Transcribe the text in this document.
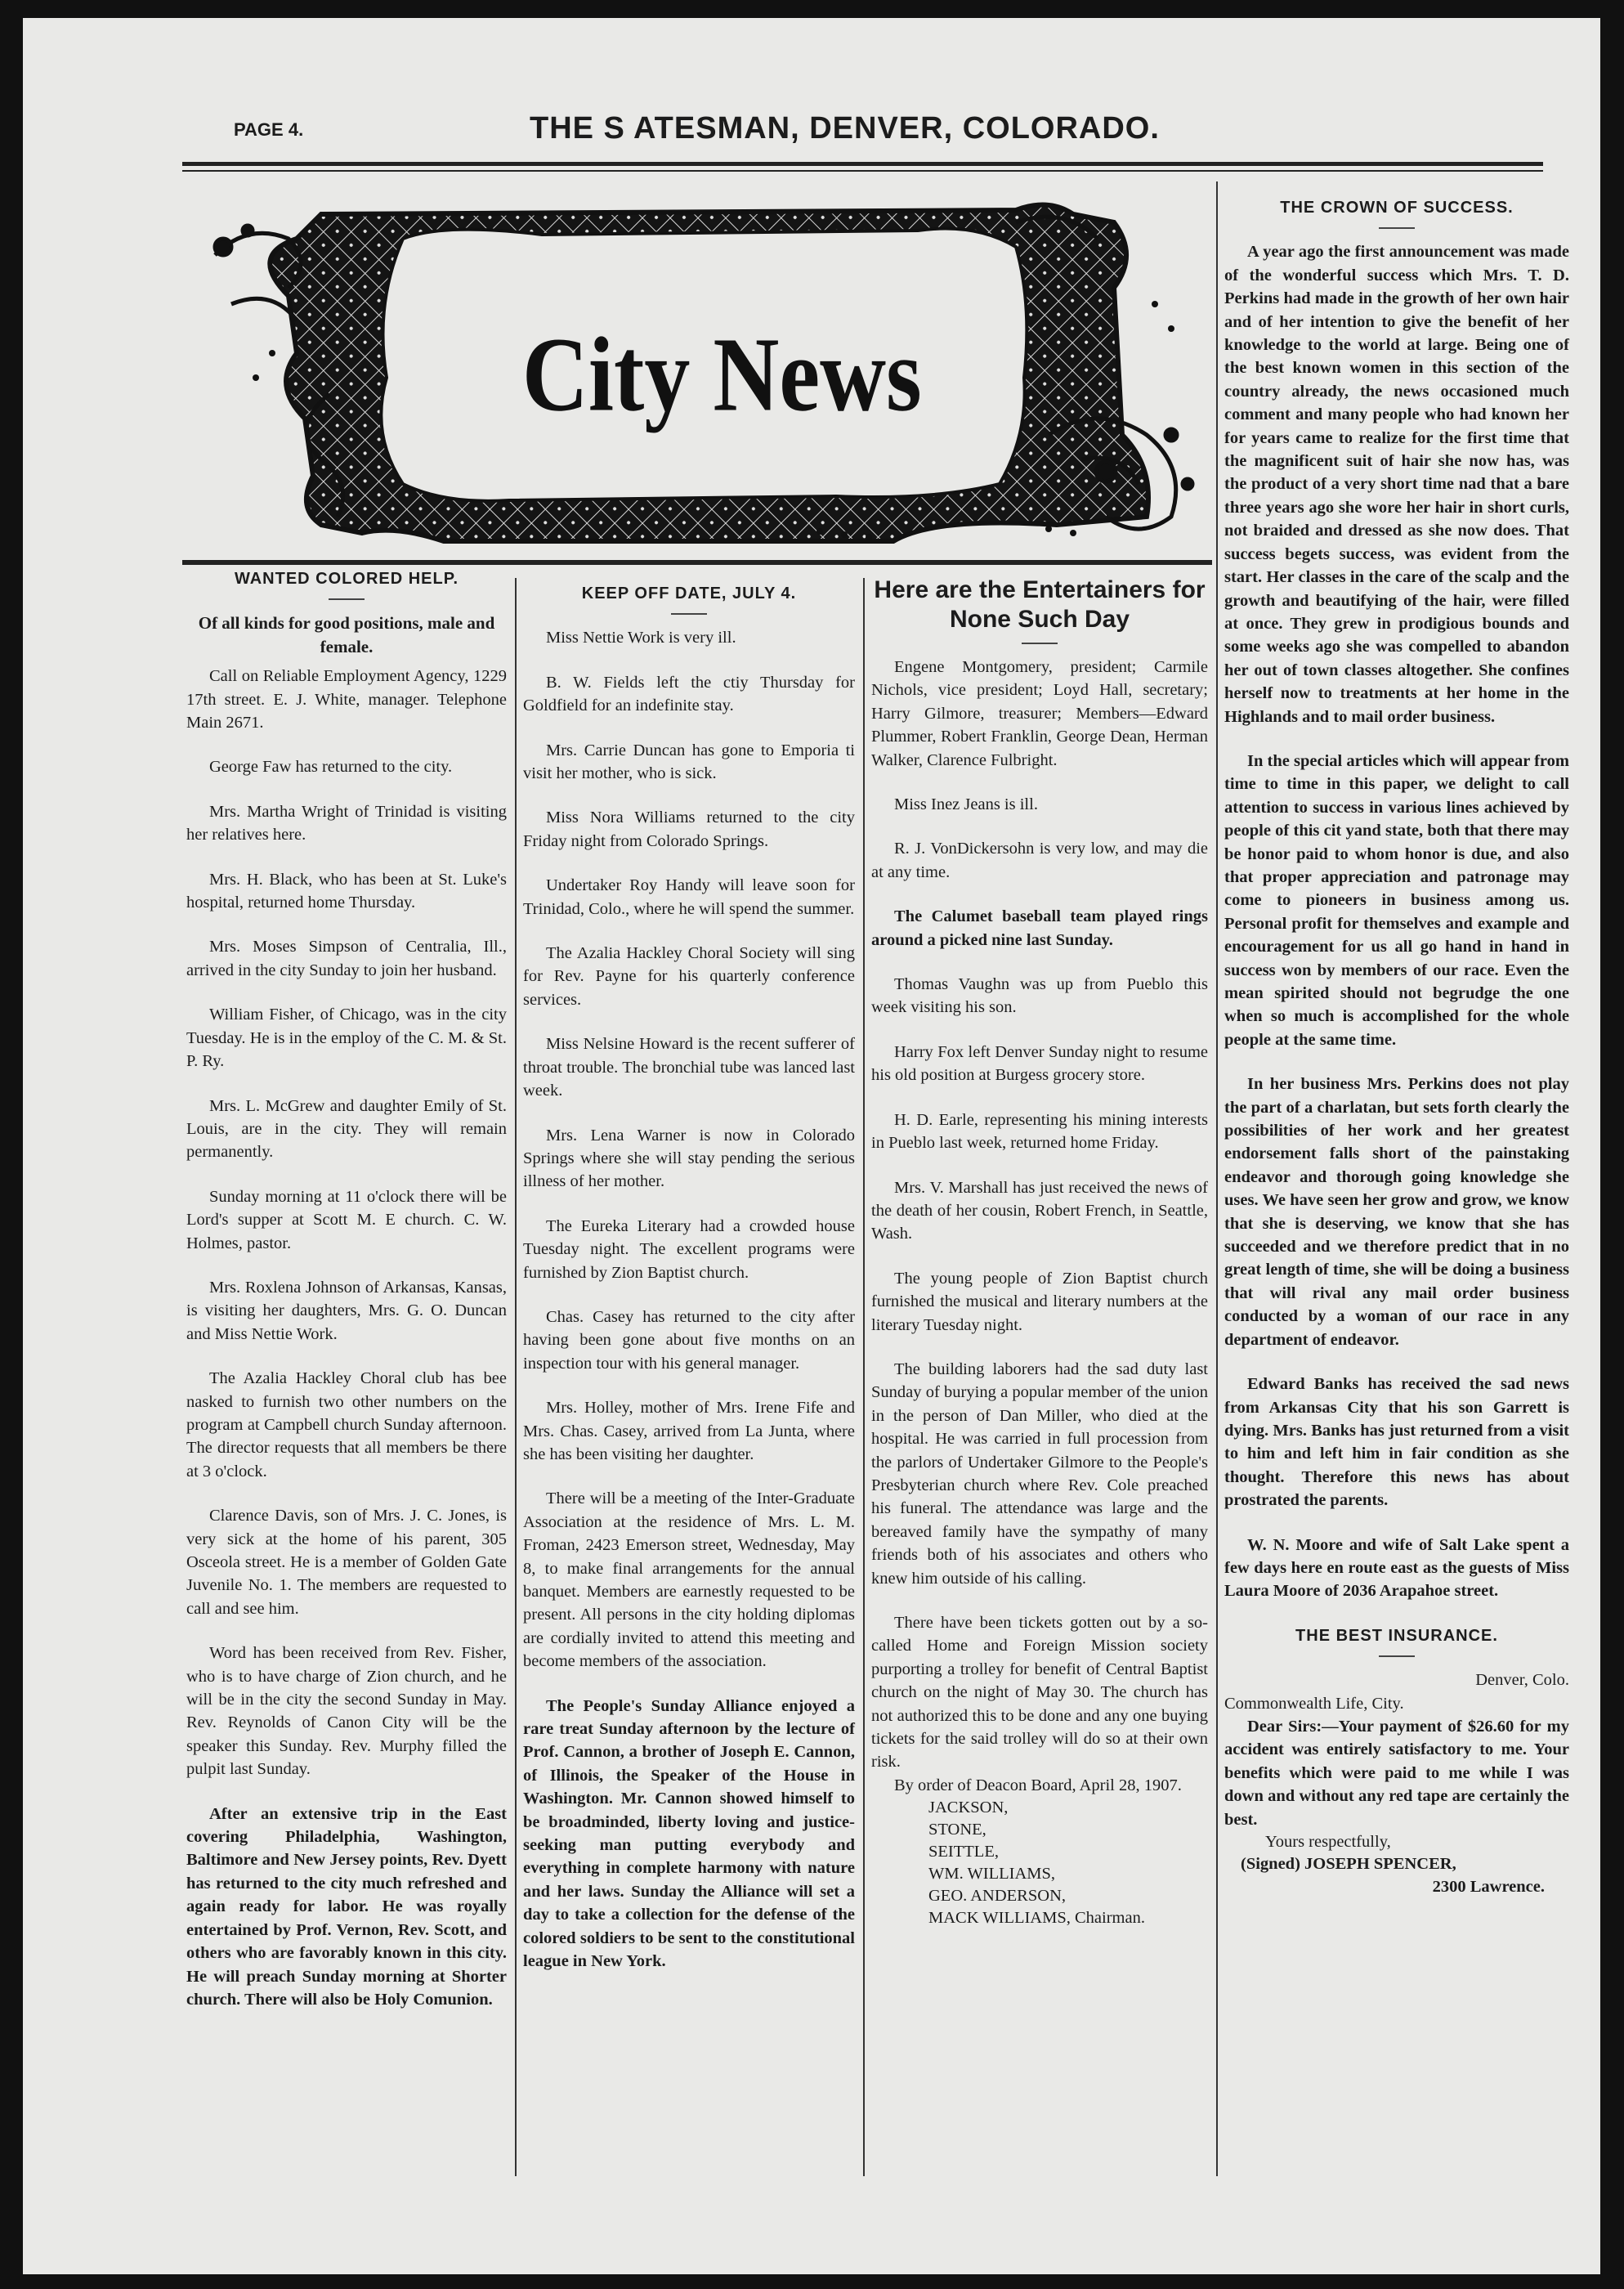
PAGE 4.	THE S ATESMAN, DENVER, COLORADO.
City News
WANTED COLORED HELP.

Of all kinds for good positions, male and female.

Call on Reliable Employment Agency, 1229 17th street. E. J. White, manager. Telephone Main 2671.

George Faw has returned to the city.

Mrs. Martha Wright of Trinidad is visiting her relatives here.

Mrs. H. Black, who has been at St. Luke's hospital, returned home Thursday.

Mrs. Moses Simpson of Centralia, Ill., arrived in the city Sunday to join her husband.

William Fisher, of Chicago, was in the city Tuesday. He is in the employ of the C. M. & St. P. Ry.

Mrs. L. McGrew and daughter Emily of St. Louis, are in the city. They will remain permanently.

Sunday morning at 11 o'clock there will be Lord's supper at Scott M. E church. C. W. Holmes, pastor.

Mrs. Roxlena Johnson of Arkansas, Kansas, is visiting her daughters, Mrs. G. O. Duncan and Miss Nettie Work.

The Azalia Hackley Choral club has bee nasked to furnish two other numbers on the program at Campbell church Sunday afternoon. The director requests that all members be there at 3 o'clock.

Clarence Davis, son of Mrs. J. C. Jones, is very sick at the home of his parent, 305 Osceola street. He is a member of Golden Gate Juvenile No. 1. The members are requested to call and see him.

Word has been received from Rev. Fisher, who is to have charge of Zion church, and he will be in the city the second Sunday in May. Rev. Reynolds of Canon City will be the speaker this Sunday. Rev. Murphy filled the pulpit last Sunday.

After an extensive trip in the East covering Philadelphia, Washington, Baltimore and New Jersey points, Rev. Dyett has returned to the city much refreshed and again ready for labor. He was royally entertained by Prof. Vernon, Rev. Scott, and others who are favorably known in this city. He will preach Sunday morning at Shorter church. There will also be Holy Comunion.

KEEP OFF DATE, JULY 4.

Miss Nettie Work is very ill.

B. W. Fields left the ctiy Thursday for Goldfield for an indefinite stay.

Mrs. Carrie Duncan has gone to Emporia ti visit her mother, who is sick.

Miss Nora Williams returned to the city Friday night from Colorado Springs.

Undertaker Roy Handy will leave soon for Trinidad, Colo., where he will spend the summer.

The Azalia Hackley Choral Society will sing for Rev. Payne for his quarterly conference services.

Miss Nelsine Howard is the recent sufferer of throat trouble. The bronchial tube was lanced last week.

Mrs. Lena Warner is now in Colorado Springs where she will stay pending the serious illness of her mother.

The Eureka Literary had a crowded house Tuesday night. The excellent programs were furnished by Zion Baptist church.

Chas. Casey has returned to the city after having been gone about five months on an inspection tour with his general manager.

Mrs. Holley, mother of Mrs. Irene Fife and Mrs. Chas. Casey, arrived from La Junta, where she has been visiting her daughter.

There will be a meeting of the Inter-Graduate Association at the residence of Mrs. L. M. Froman, 2423 Emerson street, Wednesday, May 8, to make final arrangements for the annual banquet. Members are earnestly requested to be present. All persons in the city holding diplomas are cordially invited to attend this meeting and become members of the association.

The People's Sunday Alliance enjoyed a rare treat Sunday afternoon by the lecture of Prof. Cannon, a brother of Joseph E. Cannon, of Illinois, the Speaker of the House in Washington. Mr. Cannon showed himself to be broadminded, liberty loving and justice-seeking man putting everybody and everything in complete harmony with nature and her laws. Sunday the Alliance will set a day to take a collection for the defense of the colored soldiers to be sent to the constitutional league in New York.

Here are the Entertainers for None Such Day

Engene Montgomery, president; Carmile Nichols, vice president; Loyd Hall, secretary; Harry Gilmore, treasurer; Members—Edward Plummer, Robert Franklin, George Dean, Herman Walker, Clarence Fulbright.

Miss Inez Jeans is ill.

R. J. VonDickersohn is very low, and may die at any time.

The Calumet baseball team played rings around a picked nine last Sunday.

Thomas Vaughn was up from Pueblo this week visiting his son.

Harry Fox left Denver Sunday night to resume his old position at Burgess grocery store.

H. D. Earle, representing his mining interests in Pueblo last week, returned home Friday.

Mrs. V. Marshall has just received the news of the death of her cousin, Robert French, in Seattle, Wash.

The young people of Zion Baptist church furnished the musical and literary numbers at the literary Tuesday night.

The building laborers had the sad duty last Sunday of burying a popular member of the union in the person of Dan Miller, who died at the hospital. He was carried in full procession from the parlors of Undertaker Gilmore to the People's Presbyterian church where Rev. Cole preached his funeral. The attendance was large and the bereaved family have the sympathy of many friends both of his associates and others who knew him outside of his calling.

There have been tickets gotten out by a so-called Home and Foreign Mission society purporting a trolley for benefit of Central Baptist church on the night of May 30. The church has not authorized this to be done and any one buying tickets for the said trolley will do so at their own risk.

By order of Deacon Board, April 28, 1907.

JACKSON,

STONE,

SEITTLE,

WM. WILLIAMS,

GEO. ANDERSON,

MACK WILLIAMS, Chairman.

THE CROWN OF SUCCESS.

A year ago the first announcement was made of the wonderful success which Mrs. T. D. Perkins had made in the growth of her own hair and of her intention to give the benefit of her knowledge to the world at large. Being one of the best known women in this section of the country already, the news occasioned much comment and many people who had known her for years came to realize for the first time that the magnificent suit of hair she now has, was the product of a very short time nad that a bare three years ago she wore her hair in short curls, not braided and dressed as she now does. That success begets success, was evident from the start. Her classes in the care of the scalp and the growth and beautifying of the hair, were filled at once. They grew in prodigious bounds and some weeks ago she was compelled to abandon her out of town classes altogether. She confines herself now to treatments at her home in the Highlands and to mail order business.

In the special articles which will appear from time to time in this paper, we delight to call attention to success in various lines achieved by people of this cit yand state, both that there may be honor paid to whom honor is due, and also that proper appreciation and patronage may come to pioneers in business among us. Personal profit for themselves and example and encouragement for us all go hand in hand in success won by members of our race. Even the mean spirited should not begrudge the one when so much is accomplished for the whole people at the same time.

In her business Mrs. Perkins does not play the part of a charlatan, but sets forth clearly the possibilities of her work and her greatest endorsement falls short of the painstaking endeavor and thorough going knowledge she uses. We have seen her grow and grow, we know that she is deserving, we know that she has succeeded and we therefore predict that in no great length of time, she will be doing a business that will rival any mail order business conducted by a woman of our race in any department of endeavor.

Edward Banks has received the sad news from Arkansas City that his son Garrett is dying. Mrs. Banks has just returned from a visit to him and left him in fair condition as she thought. Therefore this news has about prostrated the parents.

W. N. Moore and wife of Salt Lake spent a few days here en route east as the guests of Miss Laura Moore of 2036 Arapahoe street.

THE BEST INSURANCE.

Denver, Colo.

Commonwealth Life, City.

Dear Sirs:—Your payment of $26.60 for my accident was entirely satisfactory to me. Your benefits which were paid to me while I was down and without any red tape are certainly the best.

Yours respectfully,

(Signed) JOSEPH SPENCER,

2300 Lawrence.
